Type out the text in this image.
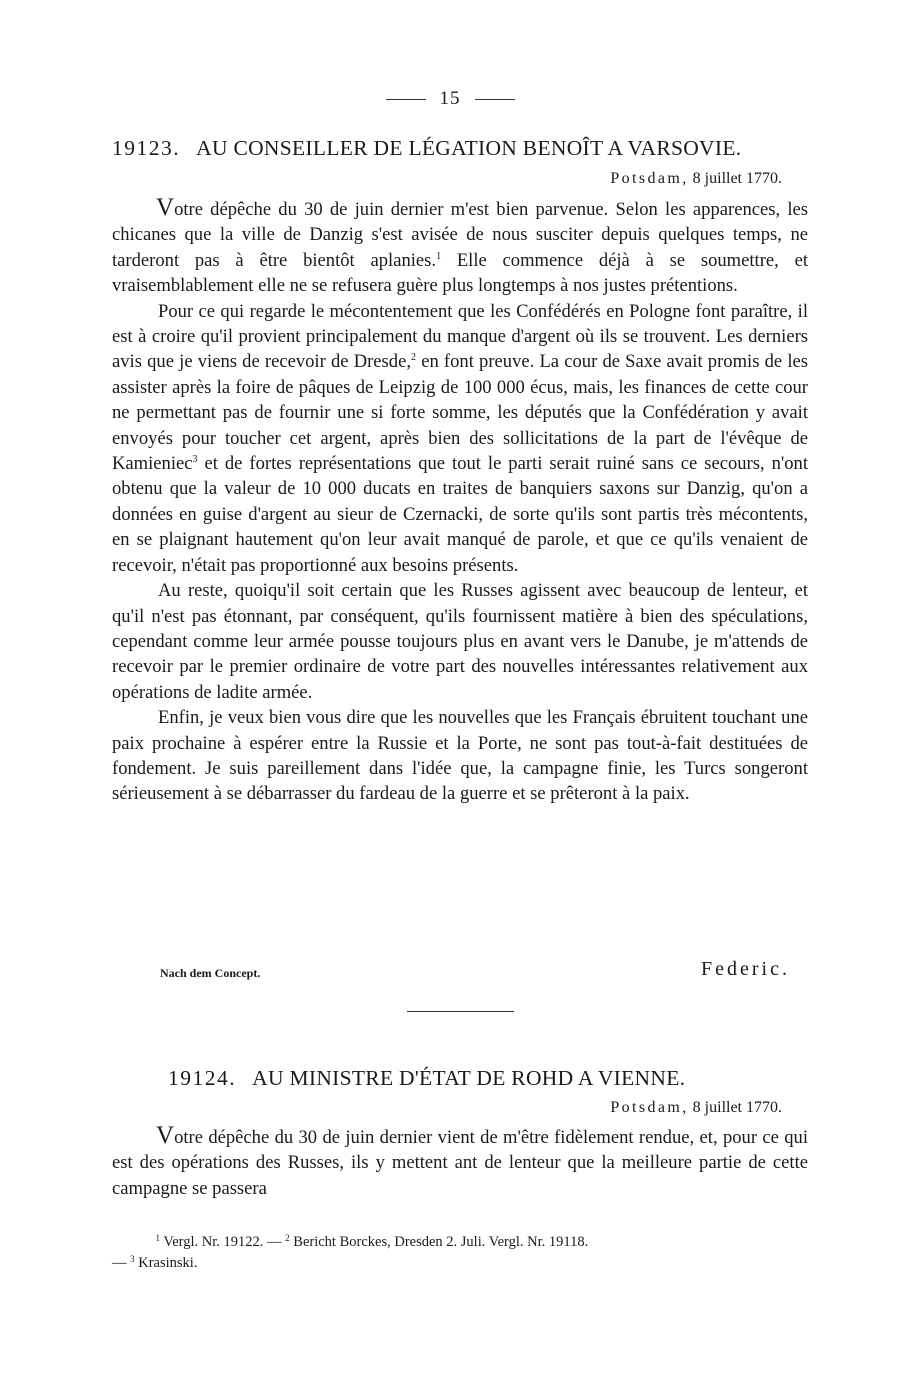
15
19123. AU CONSEILLER DE LÉGATION BENOÎT A VARSOVIE.
Potsdam, 8 juillet 1770.

Votre dépêche du 30 de juin dernier m'est bien parvenue. Selon les apparences, les chicanes que la ville de Danzig s'est avisée de nous susciter depuis quelques temps, ne tarderont pas à être bientôt aplanies.$^1$ Elle commence déjà à se soumettre, et vraisemblablement elle ne se refusera guère plus longtemps à nos justes prétentions.

Pour ce qui regarde le mécontentement que les Confédérés en Pologne font paraître, il est à croire qu'il provient principalement du manque d'argent où ils se trouvent. Les derniers avis que je viens de recevoir de Dresde,$^2$ en font preuve. La cour de Saxe avait promis de les assister après la foire de pâques de Leipzig de 100 000 écus, mais, les finances de cette cour ne permettant pas de fournir une si forte somme, les députés que la Confédération y avait envoyés pour toucher cet argent, après bien des sollicitations de la part de l'évêque de Kamieniec$^3$ et de fortes représentations que tout le parti serait ruiné sans ce secours, n'ont obtenu que la valeur de 10 000 ducats en traites de banquiers saxons sur Danzig, qu'on a données en guise d'argent au sieur de Czernacki, de sorte qu'ils sont partis très mécontents, en se plaignant hautement qu'on leur avait manqué de parole, et que ce qu'ils venaient de recevoir, n'était pas proportionné aux besoins présents.

Au reste, quoiqu'il soit certain que les Russes agissent avec beaucoup de lenteur, et qu'il n'est pas étonnant, par conséquent, qu'ils fournissent matière à bien des spéculations, cependant comme leur armée pousse toujours plus en avant vers le Danube, je m'attends de recevoir par le premier ordinaire de votre part des nouvelles intéressantes relativement aux opérations de ladite armée.

Enfin, je veux bien vous dire que les nouvelles que les Français ébruitent touchant une paix prochaine à espérer entre la Russie et la Porte, ne sont pas tout-à-fait destituées de fondement. Je suis pareillement dans l'idée que, la campagne finie, les Turcs songeront sérieusement à se débarrasser du fardeau de la guerre et se prêteront à la paix.

Nach dem Concept.	Federic.
19124. AU MINISTRE D'ÉTAT DE ROHD A VIENNE.
Potsdam, 8 juillet 1770.

Votre dépêche du 30 de juin dernier vient de m'être fidèlement rendue, et, pour ce qui est des opérations des Russes, ils y mettent ant de lenteur que la meilleure partie de cette campagne se passera

$^1$ Vergl. Nr. 19122. — $^2$ Bericht Borckes, Dresden 2. Juli. Vergl. Nr. 19118.
— $^3$ Krasinski.
